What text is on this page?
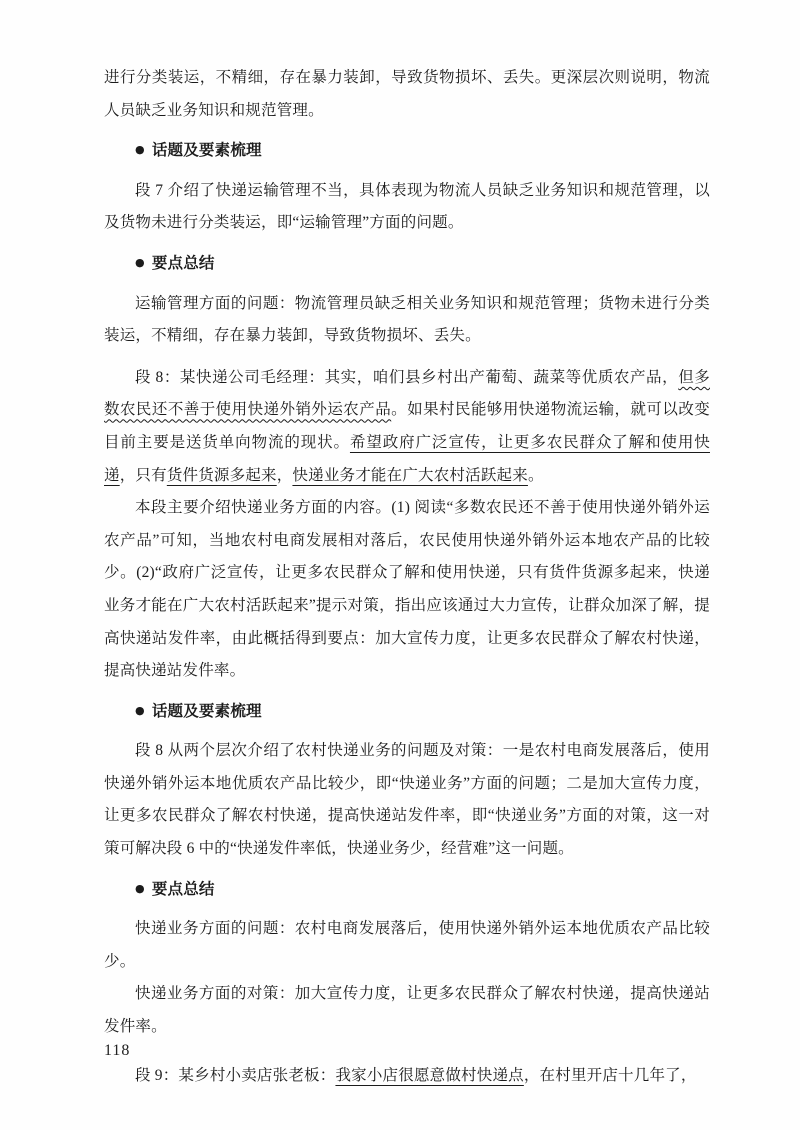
进行分类装运，不精细，存在暴力装卸，导致货物损坏、丢失。更深层次则说明，物流人员缺乏业务知识和规范管理。

● 话题及要素梳理

段 7 介绍了快递运输管理不当，具体表现为物流人员缺乏业务知识和规范管理，以及货物未进行分类装运，即“运输管理”方面的问题。

● 要点总结

运输管理方面的问题：物流管理员缺乏相关业务知识和规范管理；货物未进行分类装运，不精细，存在暴力装卸，导致货物损坏、丢失。

段 8：某快递公司毛经理：其实，咱们县乡村出产葡萄、蔬菜等优质农产品，但多数农民还不善于使用快递外销外运农产品。如果村民能够用快递物流运输，就可以改变目前主要是送货单向物流的现状。希望政府广泛宣传，让更多农民群众了解和使用快递，只有货件货源多起来，快递业务才能在广大农村活跃起来。

本段主要介绍快递业务方面的内容。(1) 阅读“多数农民还不善于使用快递外销外运农产品”可知，当地农村电商发展相对落后，农民使用快递外销外运本地农产品的比较少。(2)“政府广泛宣传，让更多农民群众了解和使用快递，只有货件货源多起来，快递业务才能在广大农村活跃起来”提示对策，指出应该通过大力宣传，让群众加深了解，提高快递站发件率，由此概括得到要点：加大宣传力度，让更多农民群众了解农村快递，提高快递站发件率。

● 话题及要素梳理

段 8 从两个层次介绍了农村快递业务的问题及对策：一是农村电商发展落后，使用快递外销外运本地优质农产品比较少，即“快递业务”方面的问题；二是加大宣传力度，让更多农民群众了解农村快递，提高快递站发件率，即“快递业务”方面的对策，这一对策可解决段 6 中的“快递发件率低，快递业务少，经营难”这一问题。

● 要点总结

快递业务方面的问题：农村电商发展落后，使用快递外销外运本地优质农产品比较少。

快递业务方面的对策：加大宣传力度，让更多农民群众了解农村快递，提高快递站发件率。

段 9：某乡村小卖店张老板：我家小店很愿意做村快递点，在村里开店十几年了，

118
